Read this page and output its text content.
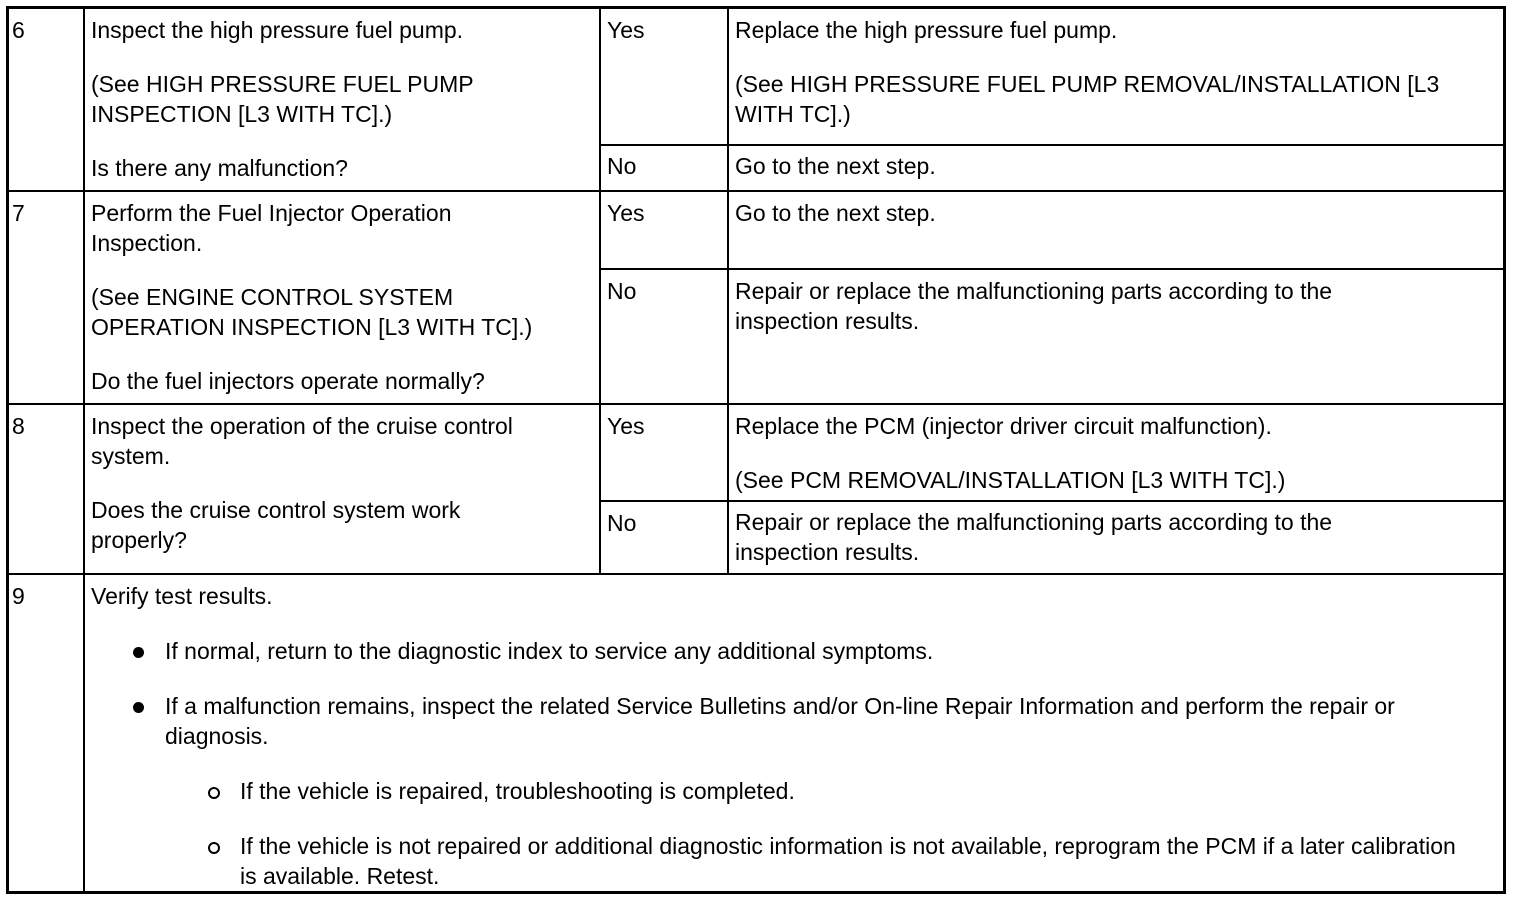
6	Inspect the high pressure fuel pump.

(See HIGH PRESSURE FUEL PUMP INSPECTION [L3 WITH TC].)

Is there any malfunction?

Yes	Replace the high pressure fuel pump.

(See HIGH PRESSURE FUEL PUMP REMOVAL/INSTALLATION [L3 WITH TC].)

No	Go to the next step.

7	Perform the Fuel Injector Operation Inspection.

(See ENGINE CONTROL SYSTEM OPERATION INSPECTION [L3 WITH TC].)

Do the fuel injectors operate normally?

Yes	Go to the next step.

No	Repair or replace the malfunctioning parts according to the inspection results.

8	Inspect the operation of the cruise control system.

Does the cruise control system work properly?

Yes	Replace the PCM (injector driver circuit malfunction).

(See PCM REMOVAL/INSTALLATION [L3 WITH TC].)

No	Repair or replace the malfunctioning parts according to the inspection results.

9	Verify test results.
If normal, return to the diagnostic index to service any additional symptoms.
If a malfunction remains, inspect the related Service Bulletins and/or On-line Repair Information and perform the repair or diagnosis.
If the vehicle is repaired, troubleshooting is completed.
If the vehicle is not repaired or additional diagnostic information is not available, reprogram the PCM if a later calibration is available. Retest.
